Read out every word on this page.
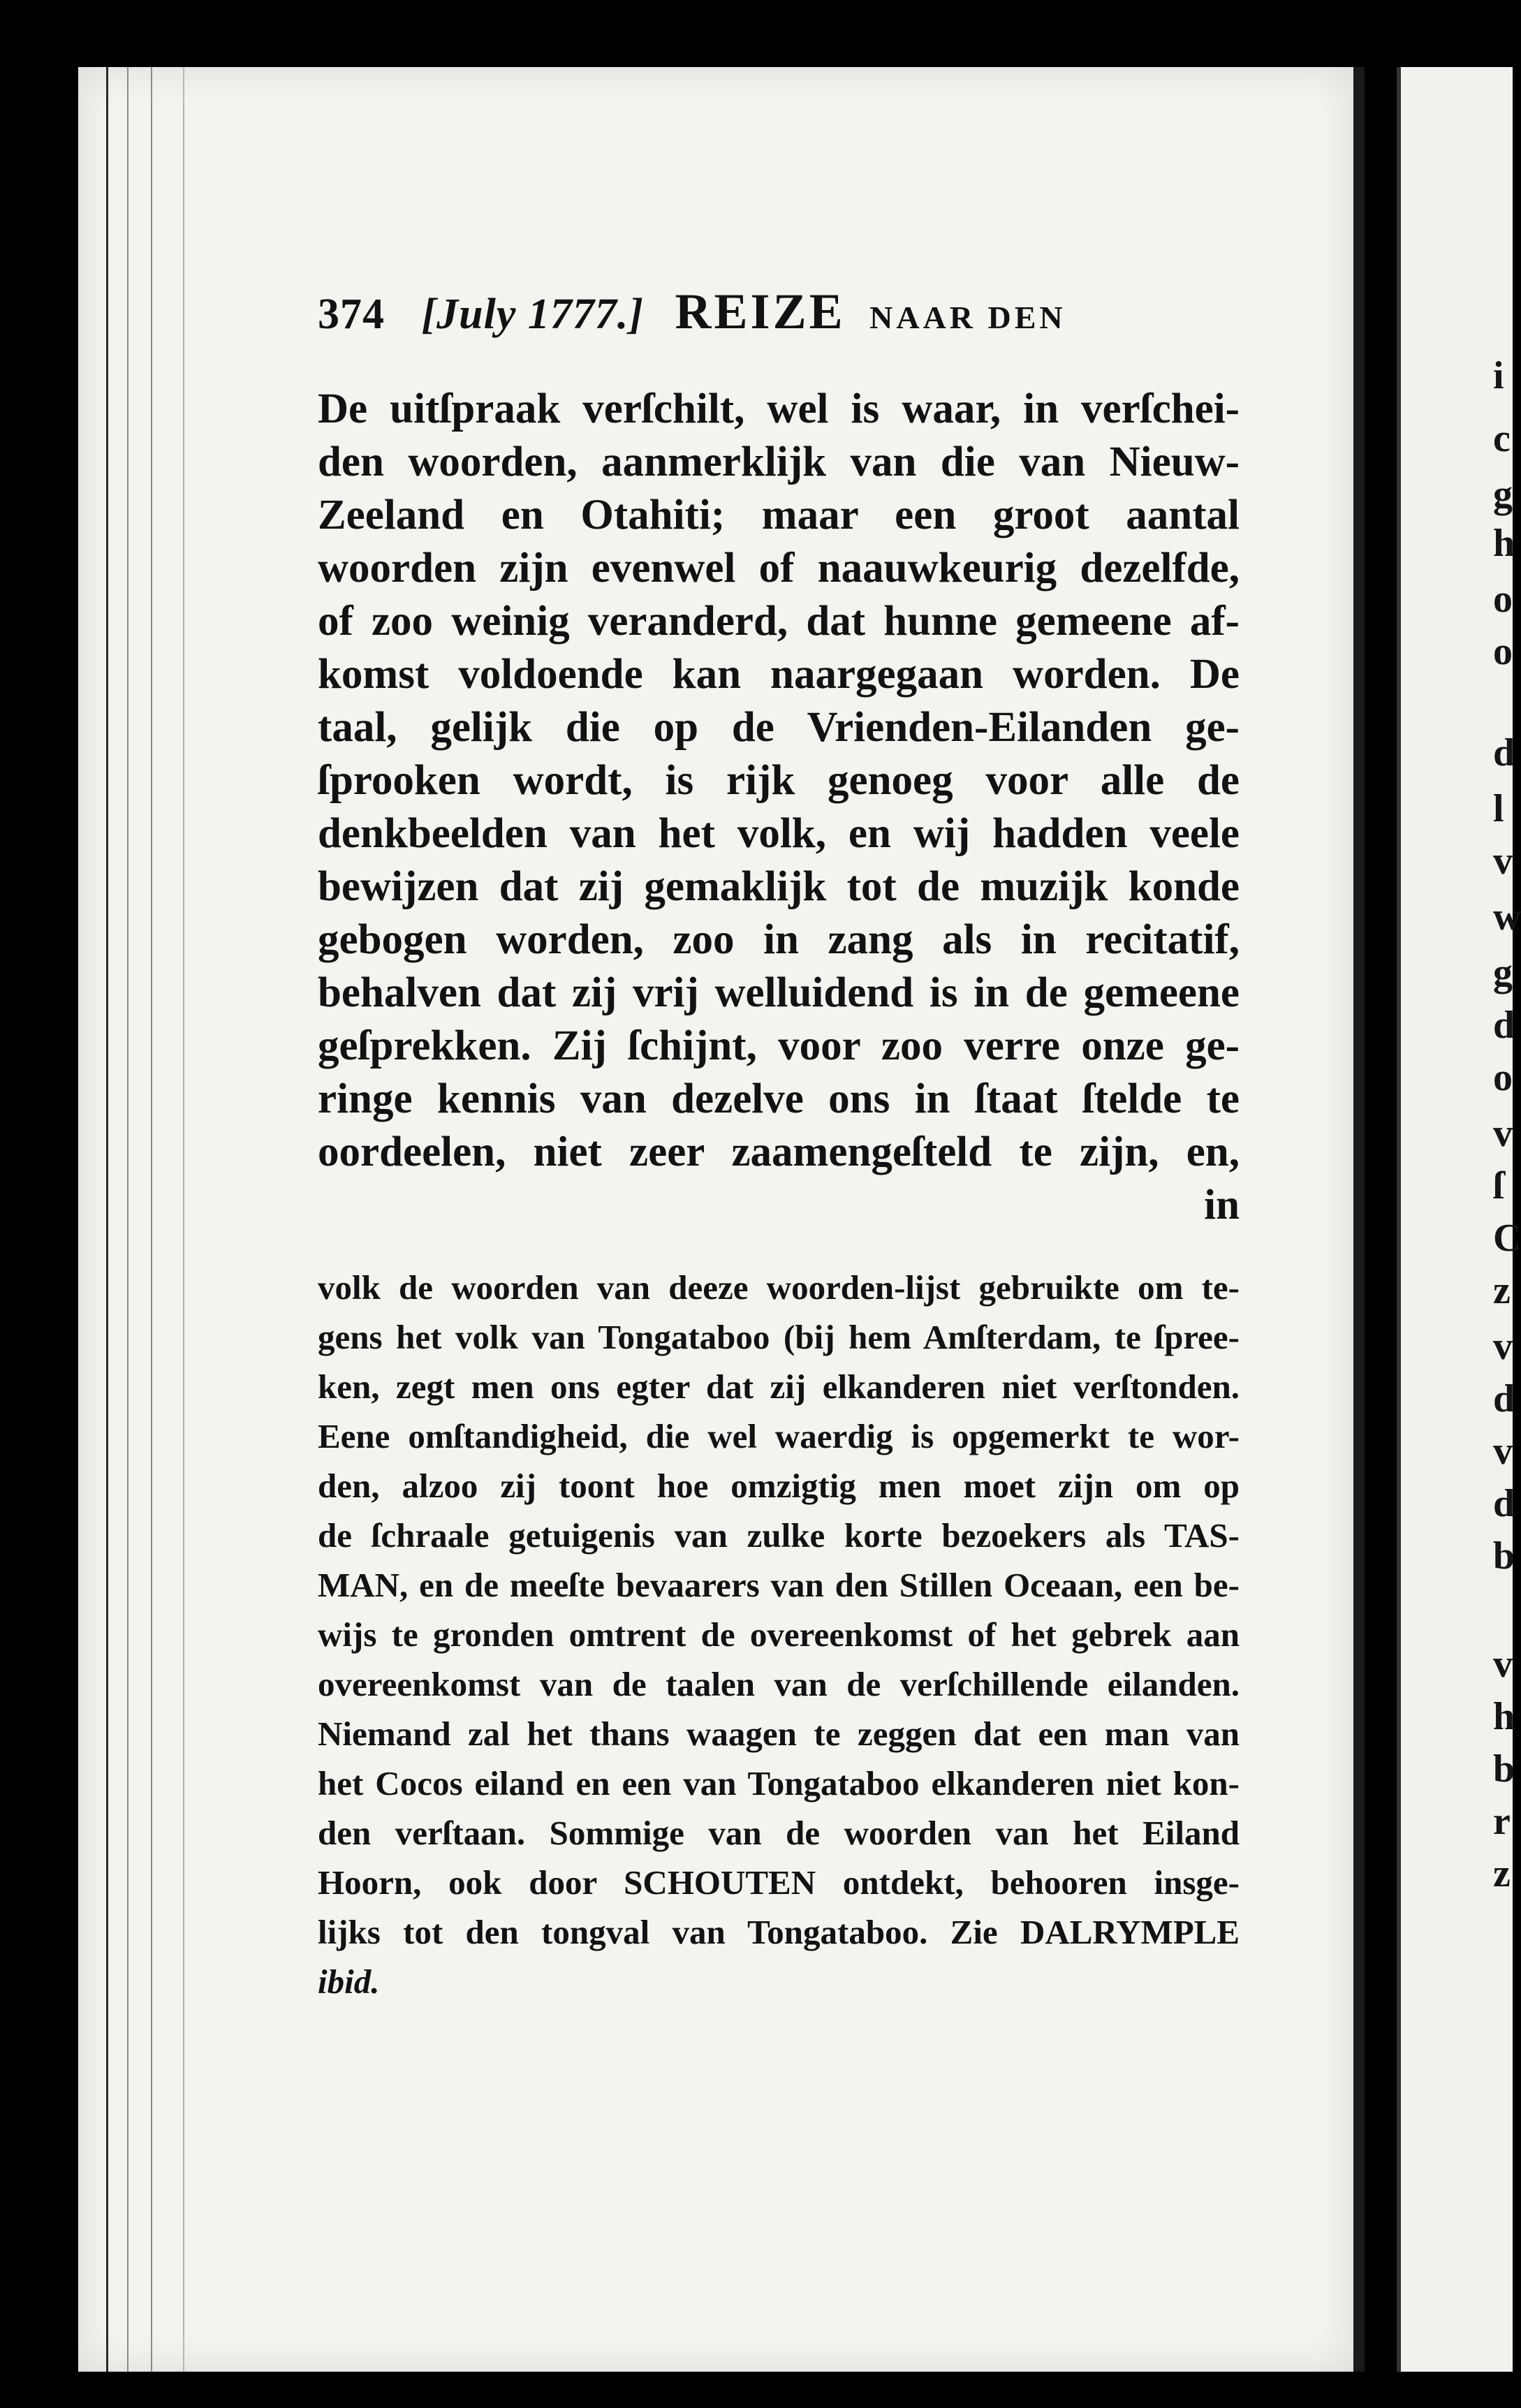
374 [July 1777.] REIZE NAAR DEN
De uitſpraak verſchilt, wel is waar, in verſchei-
den woorden, aanmerklijk van die van Nieuw-
Zeeland en Otahiti; maar een groot aantal
woorden zijn evenwel of naauwkeurig dezelfde,
of zoo weinig veranderd, dat hunne gemeene af-
komst voldoende kan naargegaan worden. De
taal, gelijk die op de Vrienden-Eilanden ge-
ſprooken wordt, is rijk genoeg voor alle de
denkbeelden van het volk, en wij hadden veele
bewijzen dat zij gemaklijk tot de muzijk konde
gebogen worden, zoo in zang als in recitatif,
behalven dat zij vrij welluidend is in de gemeene
geſprekken. Zij ſchijnt, voor zoo verre onze ge-
ringe kennis van dezelve ons in ſtaat ſtelde te
oordeelen, niet zeer zaamengeſteld te zijn, en,
in
volk de woorden van deeze woorden-lijst gebruikte om te-
gens het volk van Tongataboo (bij hem Amſterdam, te ſpree-
ken, zegt men ons egter dat zij elkanderen niet verſtonden.
Eene omſtandigheid, die wel waerdig is opgemerkt te wor-
den, alzoo zij toont hoe omzigtig men moet zijn om op
de ſchraale getuigenis van zulke korte bezoekers als TAS-
MAN, en de meeſte bevaarers van den Stillen Oceaan, een be-
wijs te gronden omtrent de overeenkomst of het gebrek aan
overeenkomst van de taalen van de verſchillende eilanden.
Niemand zal het thans waagen te zeggen dat een man van
het Cocos eiland en een van Tongataboo elkanderen niet kon-
den verſtaan. Sommige van de woorden van het Eiland
Hoorn, ook door SCHOUTEN ontdekt, behooren insge-
lijks tot den tongval van Tongataboo. Zie DALRYMPLE
ibid.
i
c
g
h
o
o
d
l
v
w
g
d
o
v
ſ
C
z
v
d
v
d
b
v
h
b
r
z
